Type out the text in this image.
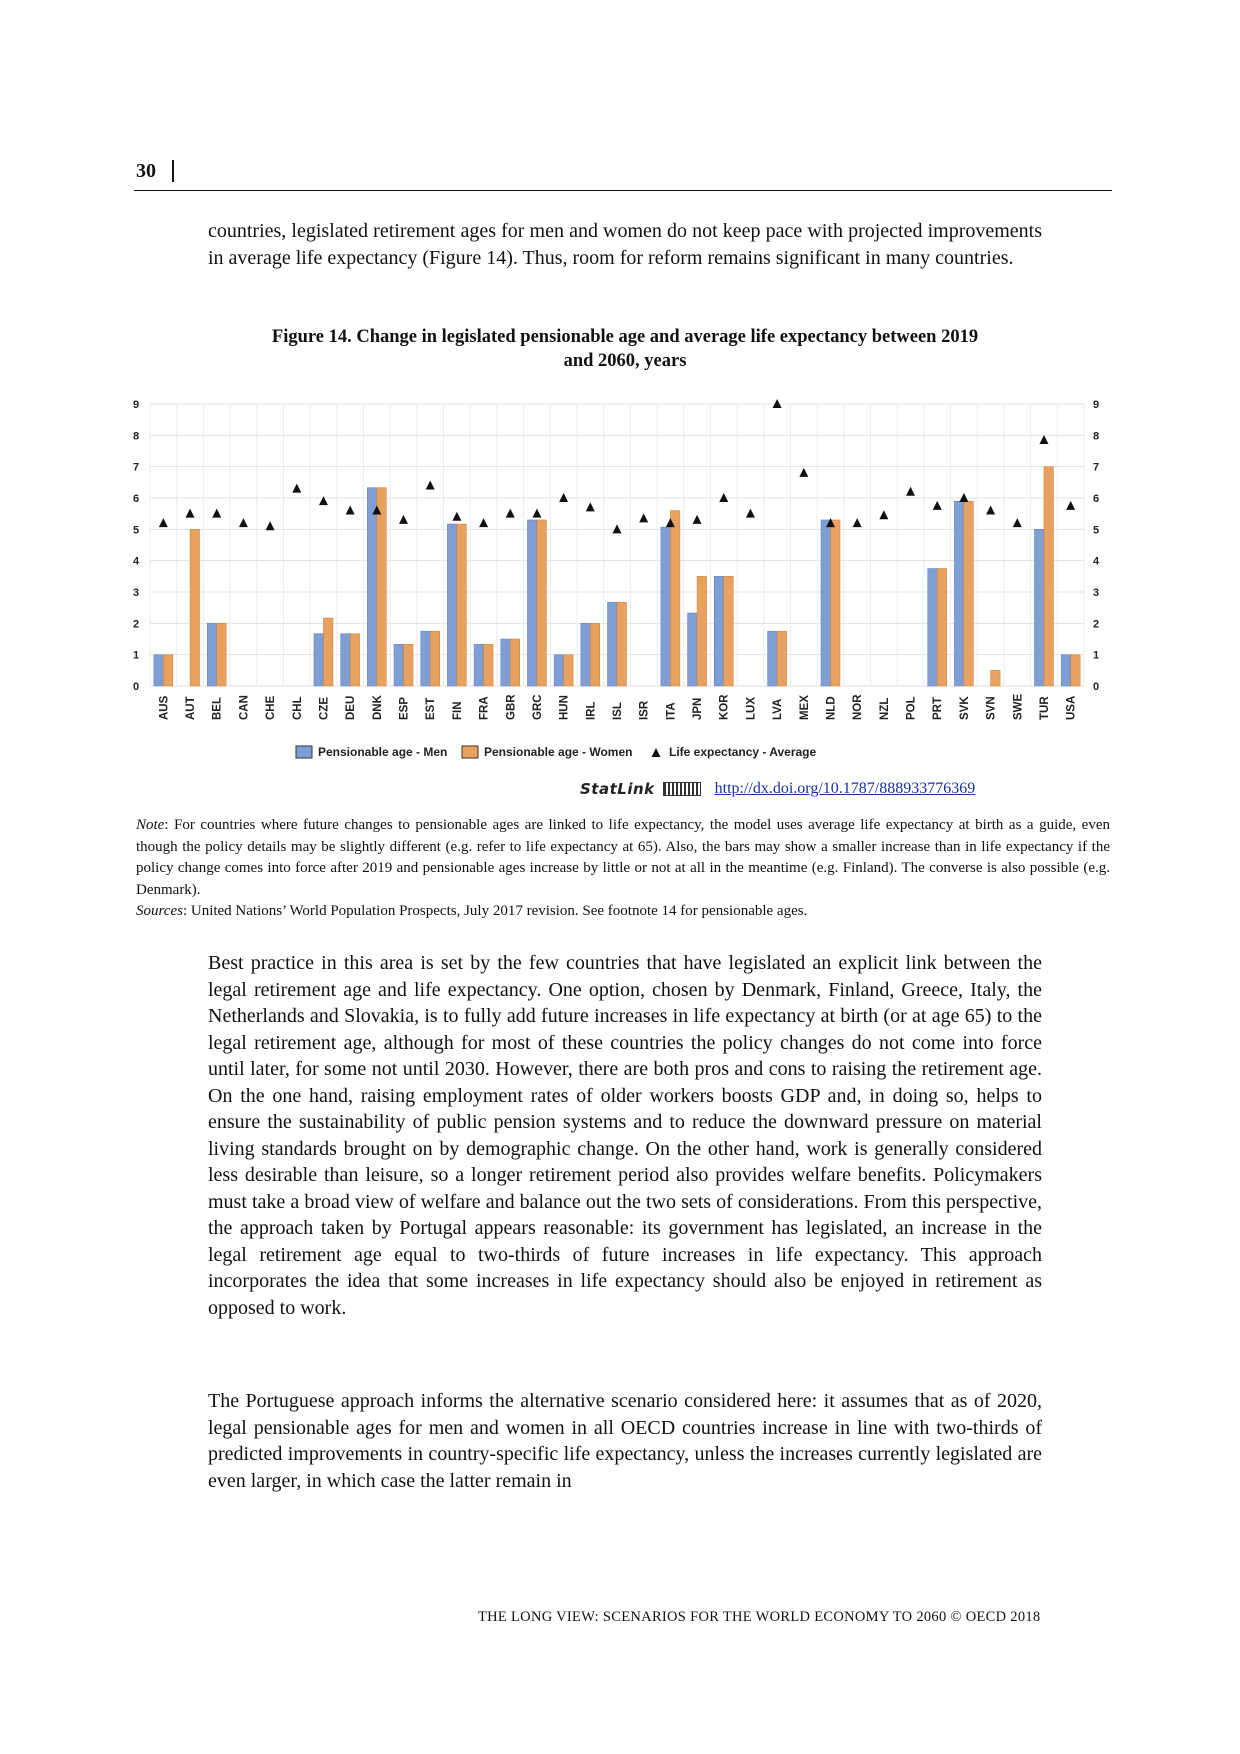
30

countries, legislated retirement ages for men and women do not keep pace with projected improvements in average life expectancy (Figure 14). Thus, room for reform remains significant in many countries.

Figure 14. Change in legislated pensionable age and average life expectancy between 2019
and 2060, years
0	0
1	1
2	2
3	3
4	4
5	5
6	6
7	7
8	8
9	9
AUS AUT BEL CAN CHE CHL CZE DEU DNK ESP EST FIN FRA GBR GRC HUN IRL ISL ISR ITA JPN KOR LUX LVA MEX NLD NOR NZL POL PRT SVK SVN SWE TUR USA
Pensionable age - Men	Pensionable age - Women	Life expectancy - Average
StatLink	http://dx.doi.org/10.1787/888933776369

Note: For countries where future changes to pensionable ages are linked to life expectancy, the model uses average life expectancy at birth as a guide, even though the policy details may be slightly different (e.g. refer to life expectancy at 65). Also, the bars may show a smaller increase than in life expectancy if the policy change comes into force after 2019 and pensionable ages increase by little or not at all in the meantime (e.g. Finland). The converse is also possible (e.g. Denmark).
Sources: United Nations’ World Population Prospects, July 2017 revision. See footnote 14 for pensionable ages.

Best practice in this area is set by the few countries that have legislated an explicit link between the legal retirement age and life expectancy. One option, chosen by Denmark, Finland, Greece, Italy, the Netherlands and Slovakia, is to fully add future increases in life expectancy at birth (or at age 65) to the legal retirement age, although for most of these countries the policy changes do not come into force until later, for some not until 2030. However, there are both pros and cons to raising the retirement age. On the one hand, raising employment rates of older workers boosts GDP and, in doing so, helps to ensure the sustainability of public pension systems and to reduce the downward pressure on material living standards brought on by demographic change. On the other hand, work is generally considered less desirable than leisure, so a longer retirement period also provides welfare benefits. Policymakers must take a broad view of welfare and balance out the two sets of considerations. From this perspective, the approach taken by Portugal appears reasonable: its government has legislated, an increase in the legal retirement age equal to two-thirds of future increases in life expectancy. This approach incorporates the idea that some increases in life expectancy should also be enjoyed in retirement as opposed to work.

The Portuguese approach informs the alternative scenario considered here: it assumes that as of 2020, legal pensionable ages for men and women in all OECD countries increase in line with two-thirds of predicted improvements in country-specific life expectancy, unless the increases currently legislated are even larger, in which case the latter remain in

THE LONG VIEW: SCENARIOS FOR THE WORLD ECONOMY TO 2060 © OECD 2018
